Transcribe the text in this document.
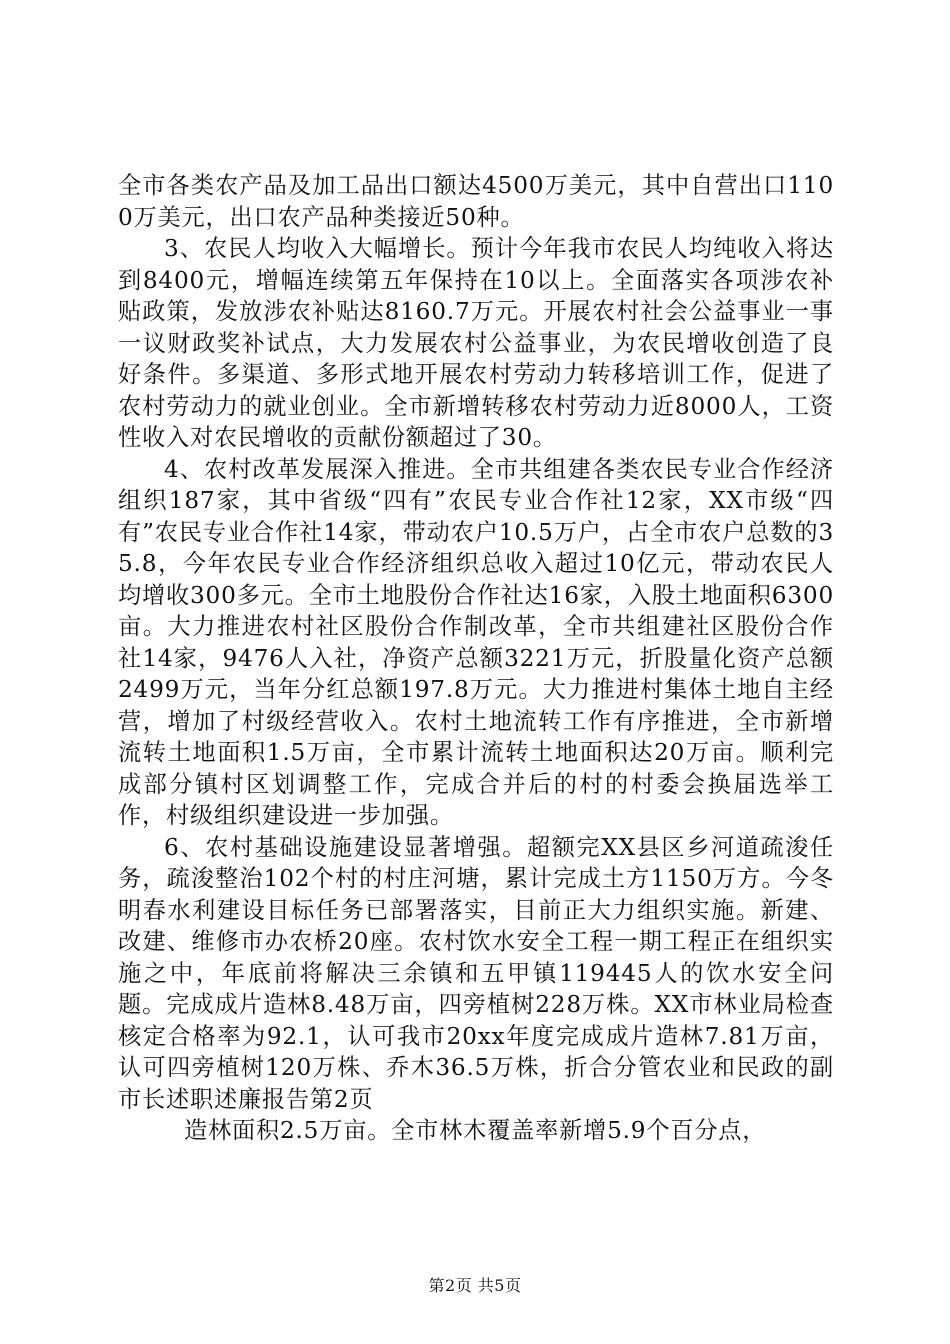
全市各类农产品及加工品出口额达4500万美元，其中自营出口1100万美元，出口农产品种类接近50种。

3、农民人均收入大幅增长。预计今年我市农民人均纯收入将达到8400元，增幅连续第五年保持在10以上。全面落实各项涉农补贴政策，发放涉农补贴达8160.7万元。开展农村社会公益事业一事一议财政奖补试点，大力发展农村公益事业，为农民增收创造了良好条件。多渠道、多形式地开展农村劳动力转移培训工作，促进了农村劳动力的就业创业。全市新增转移农村劳动力近8000人，工资性收入对农民增收的贡献份额超过了30。

4、农村改革发展深入推进。全市共组建各类农民专业合作经济组织187家，其中省级“四有”农民专业合作社12家，XX市级“四有”农民专业合作社14家，带动农户10.5万户，占全市农户总数的35.8，今年农民专业合作经济组织总收入超过10亿元，带动农民人均增收300多元。全市土地股份合作社达16家，入股土地面积6300亩。大力推进农村社区股份合作制改革，全市共组建社区股份合作社14家，9476人入社，净资产总额3221万元，折股量化资产总额2499万元，当年分红总额197.8万元。大力推进村集体土地自主经营，增加了村级经营收入。农村土地流转工作有序推进，全市新增流转土地面积1.5万亩，全市累计流转土地面积达20万亩。顺利完成部分镇村区划调整工作，完成合并后的村的村委会换届选举工作，村级组织建设进一步加强。

6、农村基础设施建设显著增强。超额完XX县区乡河道疏浚任务，疏浚整治102个村的村庄河塘，累计完成土方1150万方。今冬明春水利建设目标任务已部署落实，目前正大力组织实施。新建、改建、维修市办农桥20座。农村饮水安全工程一期工程正在组织实施之中，年底前将解决三余镇和五甲镇119445人的饮水安全问题。完成成片造林8.48万亩，四旁植树228万株。XX市林业局检查核定合格率为92.1，认可我市20xx年度完成成片造林7.81万亩，认可四旁植树120万株、乔木36.5万株，折合分管农业和民政的副市长述职述廉报告第2页

造林面积2.5万亩。全市林木覆盖率新增5.9个百分点，

第2页 共5页
